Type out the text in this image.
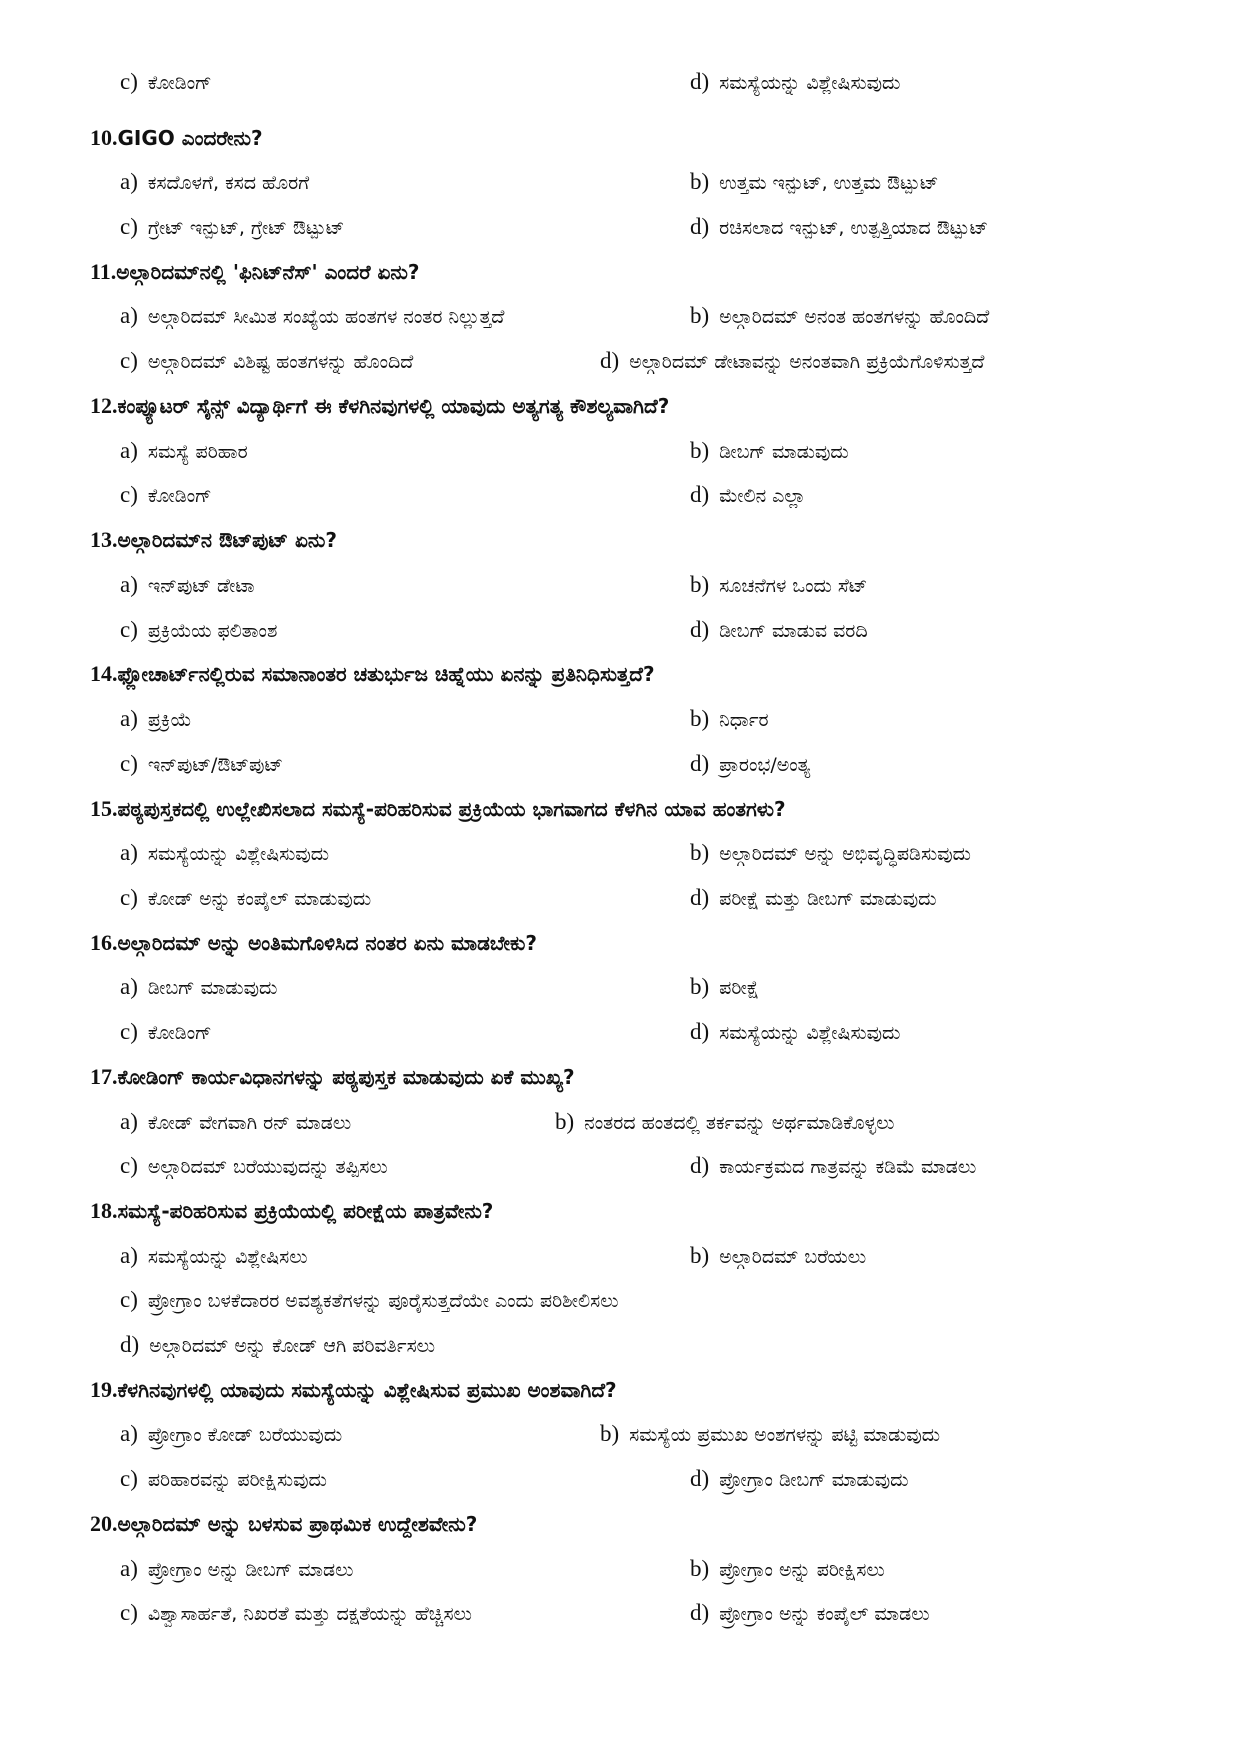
c) ಕೋಡಿಂಗ್	d) ಸಮಸ್ಯೆಯನ್ನು ವಿಶ್ಲೇಷಿಸುವುದು
10.GIGO ಎಂದರೇನು?
a) ಕಸದೊಳಗೆ, ಕಸದ ಹೊರಗೆ	b) ಉತ್ತಮ ಇನ್ಪುಟ್, ಉತ್ತಮ ಔಟ್ಪುಟ್
c) ಗ್ರೇಟ್ ಇನ್ಪುಟ್, ಗ್ರೇಟ್ ಔಟ್ಪುಟ್	d) ರಚಿಸಲಾದ ಇನ್ಪುಟ್, ಉತ್ಪತ್ತಿಯಾದ ಔಟ್ಪುಟ್
11.ಅಲ್ಗಾರಿದಮ್‌ನಲ್ಲಿ 'ಫಿನಿಟ್‌ನೆಸ್' ಎಂದರೆ ಏನು?
a) ಅಲ್ಗಾರಿದಮ್ ಸೀಮಿತ ಸಂಖ್ಯೆಯ ಹಂತಗಳ ನಂತರ ನಿಲ್ಲುತ್ತದೆ	b) ಅಲ್ಗಾರಿದಮ್ ಅನಂತ ಹಂತಗಳನ್ನು ಹೊಂದಿದೆ
c) ಅಲ್ಗಾರಿದಮ್ ವಿಶಿಷ್ಟ ಹಂತಗಳನ್ನು ಹೊಂದಿದೆ	d) ಅಲ್ಗಾರಿದಮ್ ಡೇಟಾವನ್ನು ಅನಂತವಾಗಿ ಪ್ರಕ್ರಿಯೆಗೊಳಿಸುತ್ತದೆ
12.ಕಂಪ್ಯೂಟರ್ ಸೈನ್ಸ್ ವಿದ್ಯಾರ್ಥಿಗೆ ಈ ಕೆಳಗಿನವುಗಳಲ್ಲಿ ಯಾವುದು ಅತ್ಯಗತ್ಯ ಕೌಶಲ್ಯವಾಗಿದೆ?
a) ಸಮಸ್ಯೆ ಪರಿಹಾರ	b) ಡೀಬಗ್ ಮಾಡುವುದು
c) ಕೋಡಿಂಗ್	d) ಮೇಲಿನ ಎಲ್ಲಾ
13.ಅಲ್ಗಾರಿದಮ್‌ನ ಔಟ್‌ಪುಟ್ ಏನು?
a) ಇನ್‌ಪುಟ್ ಡೇಟಾ	b) ಸೂಚನೆಗಳ ಒಂದು ಸೆಟ್
c) ಪ್ರಕ್ರಿಯೆಯ ಫಲಿತಾಂಶ	d) ಡೀಬಗ್ ಮಾಡುವ ವರದಿ
14.ಫ್ಲೋಚಾರ್ಟ್‌ನಲ್ಲಿರುವ ಸಮಾನಾಂತರ ಚತುರ್ಭುಜ ಚಿಹ್ನೆಯು ಏನನ್ನು ಪ್ರತಿನಿಧಿಸುತ್ತದೆ?
a) ಪ್ರಕ್ರಿಯೆ	b) ನಿರ್ಧಾರ
c) ಇನ್‌ಪುಟ್/ಔಟ್‌ಪುಟ್	d) ಪ್ರಾರಂಭ/ಅಂತ್ಯ
15.ಪಠ್ಯಪುಸ್ತಕದಲ್ಲಿ ಉಲ್ಲೇಖಿಸಲಾದ ಸಮಸ್ಯೆ-ಪರಿಹರಿಸುವ ಪ್ರಕ್ರಿಯೆಯ ಭಾಗವಾಗದ ಕೆಳಗಿನ ಯಾವ ಹಂತಗಳು?
a) ಸಮಸ್ಯೆಯನ್ನು ವಿಶ್ಲೇಷಿಸುವುದು	b) ಅಲ್ಗಾರಿದಮ್ ಅನ್ನು ಅಭಿವೃದ್ಧಿಪಡಿಸುವುದು
c) ಕೋಡ್ ಅನ್ನು ಕಂಪೈಲ್ ಮಾಡುವುದು	d) ಪರೀಕ್ಷೆ ಮತ್ತು ಡೀಬಗ್ ಮಾಡುವುದು
16.ಅಲ್ಗಾರಿದಮ್ ಅನ್ನು ಅಂತಿಮಗೊಳಿಸಿದ ನಂತರ ಏನು ಮಾಡಬೇಕು?
a) ಡೀಬಗ್ ಮಾಡುವುದು	b) ಪರೀಕ್ಷೆ
c) ಕೋಡಿಂಗ್	d) ಸಮಸ್ಯೆಯನ್ನು ವಿಶ್ಲೇಷಿಸುವುದು
17.ಕೋಡಿಂಗ್ ಕಾರ್ಯವಿಧಾನಗಳನ್ನು ಪಠ್ಯಪುಸ್ತಕ ಮಾಡುವುದು ಏಕೆ ಮುಖ್ಯ?
a) ಕೋಡ್ ವೇಗವಾಗಿ ರನ್ ಮಾಡಲು	b) ನಂತರದ ಹಂತದಲ್ಲಿ ತರ್ಕವನ್ನು ಅರ್ಥಮಾಡಿಕೊಳ್ಳಲು
c) ಅಲ್ಗಾರಿದಮ್ ಬರೆಯುವುದನ್ನು ತಪ್ಪಿಸಲು	d) ಕಾರ್ಯಕ್ರಮದ ಗಾತ್ರವನ್ನು ಕಡಿಮೆ ಮಾಡಲು
18.ಸಮಸ್ಯೆ-ಪರಿಹರಿಸುವ ಪ್ರಕ್ರಿಯೆಯಲ್ಲಿ ಪರೀಕ್ಷೆಯ ಪಾತ್ರವೇನು?
a) ಸಮಸ್ಯೆಯನ್ನು ವಿಶ್ಲೇಷಿಸಲು	b) ಅಲ್ಗಾರಿದಮ್ ಬರೆಯಲು
c) ಪ್ರೋಗ್ರಾಂ ಬಳಕೆದಾರರ ಅವಶ್ಯಕತೆಗಳನ್ನು ಪೂರೈಸುತ್ತದೆಯೇ ಎಂದು ಪರಿಶೀಲಿಸಲು
d) ಅಲ್ಗಾರಿದಮ್ ಅನ್ನು ಕೋಡ್ ಆಗಿ ಪರಿವರ್ತಿಸಲು
19.ಕೆಳಗಿನವುಗಳಲ್ಲಿ ಯಾವುದು ಸಮಸ್ಯೆಯನ್ನು ವಿಶ್ಲೇಷಿಸುವ ಪ್ರಮುಖ ಅಂಶವಾಗಿದೆ?
a) ಪ್ರೋಗ್ರಾಂ ಕೋಡ್ ಬರೆಯುವುದು	b) ಸಮಸ್ಯೆಯ ಪ್ರಮುಖ ಅಂಶಗಳನ್ನು ಪಟ್ಟಿ ಮಾಡುವುದು
c) ಪರಿಹಾರವನ್ನು ಪರೀಕ್ಷಿಸುವುದು	d) ಪ್ರೋಗ್ರಾಂ ಡೀಬಗ್ ಮಾಡುವುದು
20.ಅಲ್ಗಾರಿದಮ್ ಅನ್ನು ಬಳಸುವ ಪ್ರಾಥಮಿಕ ಉದ್ದೇಶವೇನು?
a) ಪ್ರೋಗ್ರಾಂ ಅನ್ನು ಡೀಬಗ್ ಮಾಡಲು	b) ಪ್ರೋಗ್ರಾಂ ಅನ್ನು ಪರೀಕ್ಷಿಸಲು
c) ವಿಶ್ವಾಸಾರ್ಹತೆ, ನಿಖರತೆ ಮತ್ತು ದಕ್ಷತೆಯನ್ನು ಹೆಚ್ಚಿಸಲು	d) ಪ್ರೋಗ್ರಾಂ ಅನ್ನು ಕಂಪೈಲ್ ಮಾಡಲು
